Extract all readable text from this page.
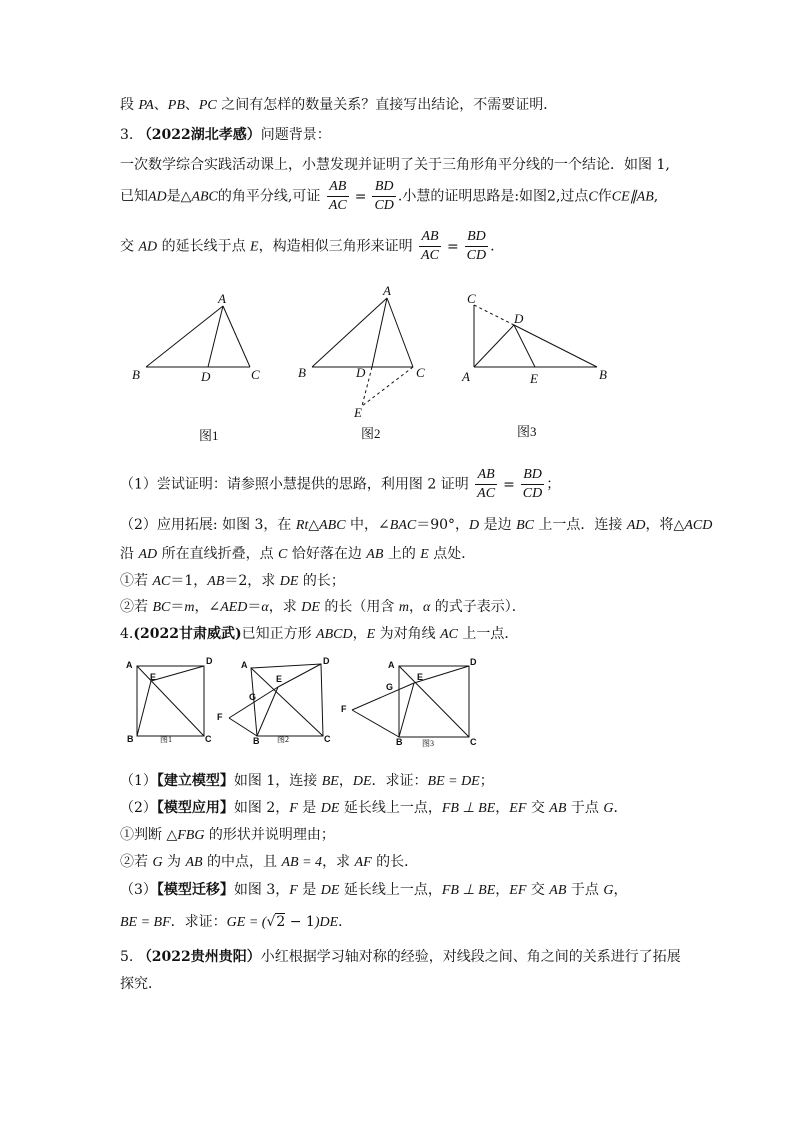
段 PA、PB、PC 之间有怎样的数量关系？直接写出结论，不需要证明．
3. （2022湖北孝感）问题背景：
一次数学综合实践活动课上，小慧发现并证明了关于三角形角平分线的一个结论．如图 1,
已知AD是△ABC的角平分线,可证 $\frac{AB}{AC} = \frac{BD}{CD}$ .小慧的证明思路是:如图2,过点C作CE∥AB,
交 AD 的延长线于点 E，构造相似三角形来证明 $\frac{AB}{AC} = \frac{BD}{CD}$ .
A
B	D	C
图1
A
B	D	C
E
图2
C
D
A	E	B
图3
（1）尝试证明：请参照小慧提供的思路，利用图 2 证明 $\frac{AB}{AC} = \frac{BD}{CD}$ ；
（2）应用拓展: 如图 3，在 Rt△ABC 中，∠BAC＝90°，D 是边 BC 上一点．连接 AD，将△ACD
沿 AD 所在直线折叠，点 C 恰好落在边 AB 上的 E 点处．
①若 AC＝1，AB＝2，求 DE 的长；
②若 BC＝m，∠AED＝α，求 DE 的长（用含 m，α 的式子表示）．
4.(2022甘肃威武)已知正方形 ABCD，E 为对角线 AC 上一点．
A	D
E
B	C
图1
A	D
E
G
F
B	C
图2
A	D
E
G
F
B	C
图3
（1）【建立模型】如图 1，连接 BE，DE．求证：BE = DE；
（2）【模型应用】如图 2，F 是 DE 延长线上一点，FB ⊥ BE，EF 交 AB 于点 G．
①判断 △FBG 的形状并说明理由；
②若 G 为 AB 的中点，且 AB = 4，求 AF 的长．
（3）【模型迁移】如图 3，F 是 DE 延长线上一点，FB ⊥ BE，EF 交 AB 于点 G，
BE = BF．求证：GE = (√2 − 1)DE．
5. （2022贵州贵阳）小红根据学习轴对称的经验，对线段之间、角之间的关系进行了拓展
探究．
